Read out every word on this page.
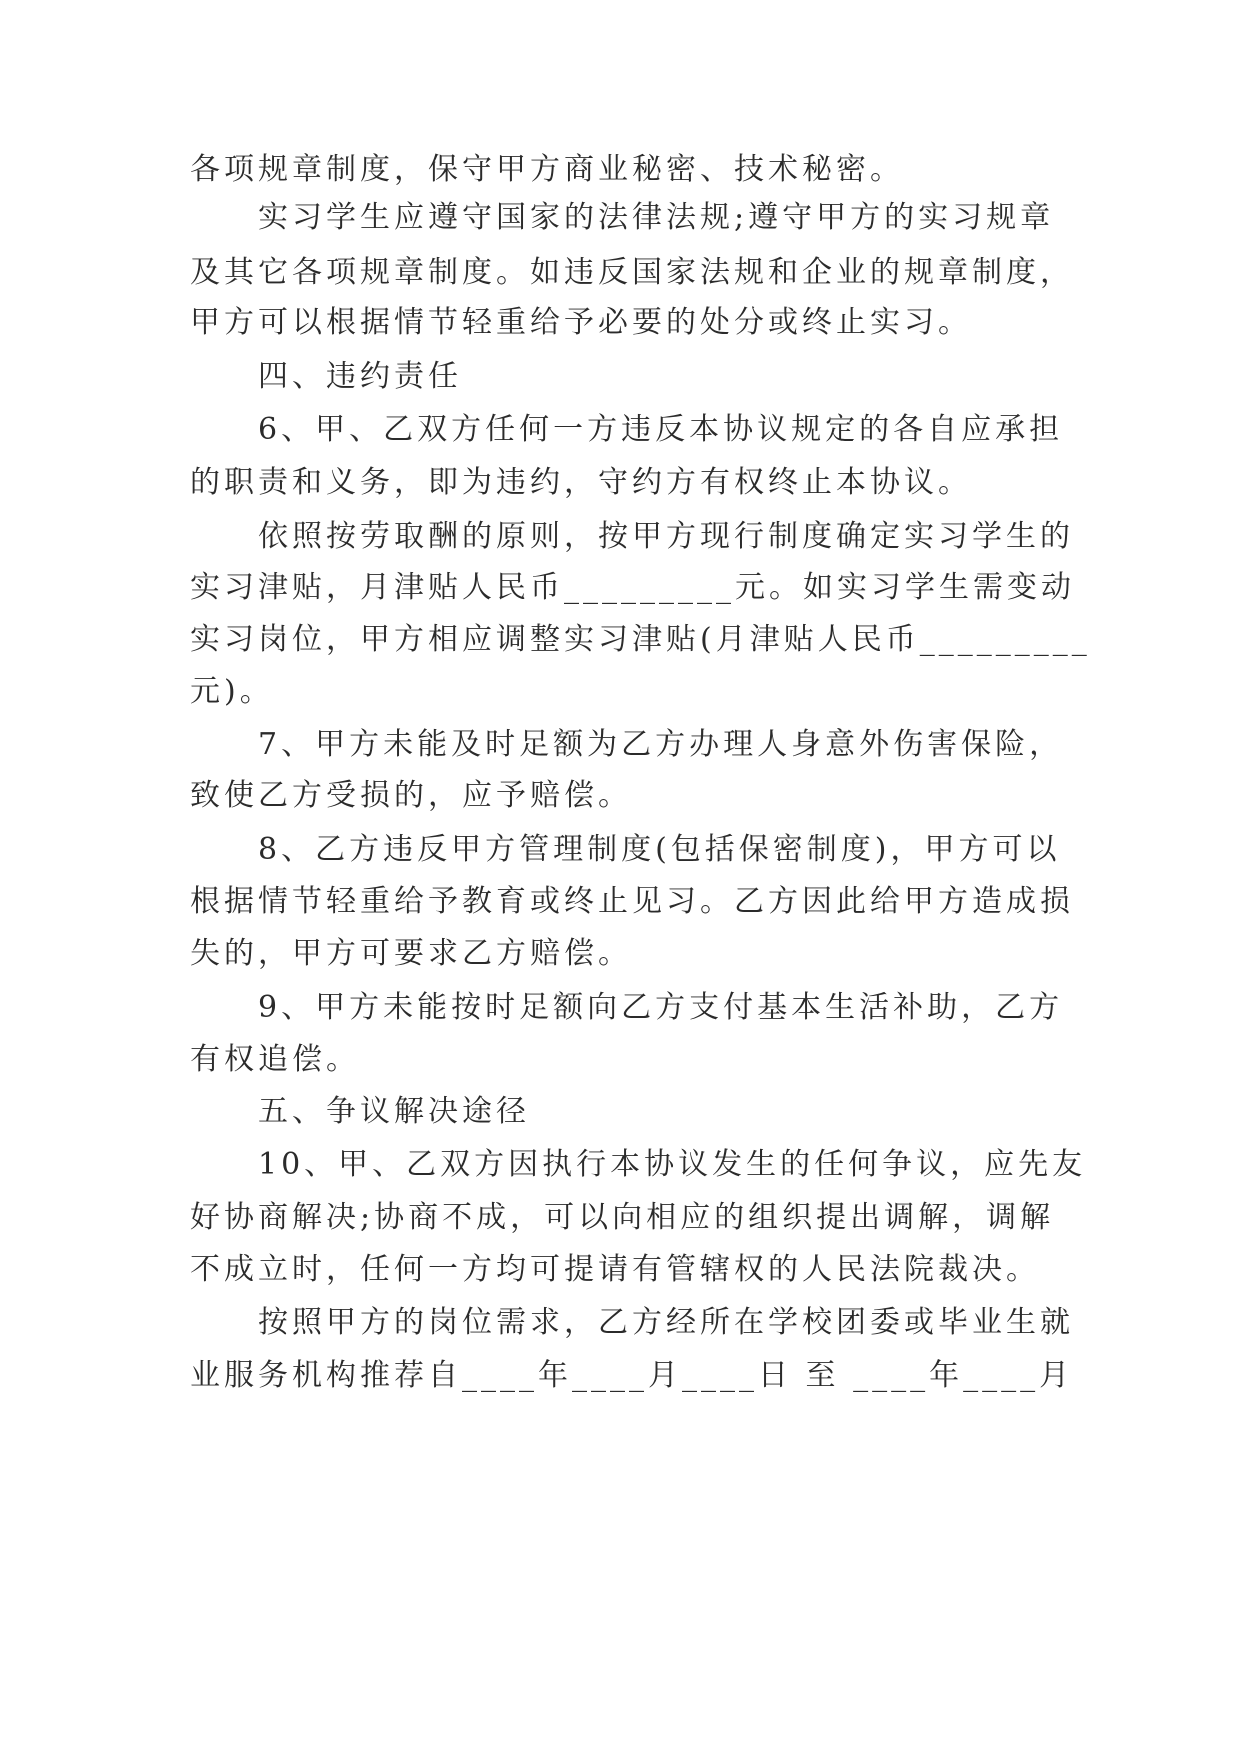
各项规章制度，保守甲方商业秘密、技术秘密。
实习学生应遵守国家的法律法规;遵守甲方的实习规章
及其它各项规章制度。如违反国家法规和企业的规章制度，
甲方可以根据情节轻重给予必要的处分或终止实习。
四、违约责任
6、甲、乙双方任何一方违反本协议规定的各自应承担
的职责和义务，即为违约，守约方有权终止本协议。
依照按劳取酬的原则，按甲方现行制度确定实习学生的
实习津贴，月津贴人民币_________元。如实习学生需变动
实习岗位，甲方相应调整实习津贴(月津贴人民币_________
元)。
7、甲方未能及时足额为乙方办理人身意外伤害保险，
致使乙方受损的，应予赔偿。
8、乙方违反甲方管理制度(包括保密制度)，甲方可以
根据情节轻重给予教育或终止见习。乙方因此给甲方造成损
失的，甲方可要求乙方赔偿。
9、甲方未能按时足额向乙方支付基本生活补助，乙方
有权追偿。
五、争议解决途径
10、甲、乙双方因执行本协议发生的任何争议，应先友
好协商解决;协商不成，可以向相应的组织提出调解，调解
不成立时，任何一方均可提请有管辖权的人民法院裁决。
按照甲方的岗位需求，乙方经所在学校团委或毕业生就
业服务机构推荐自____年____月____日 至 ____年____月
